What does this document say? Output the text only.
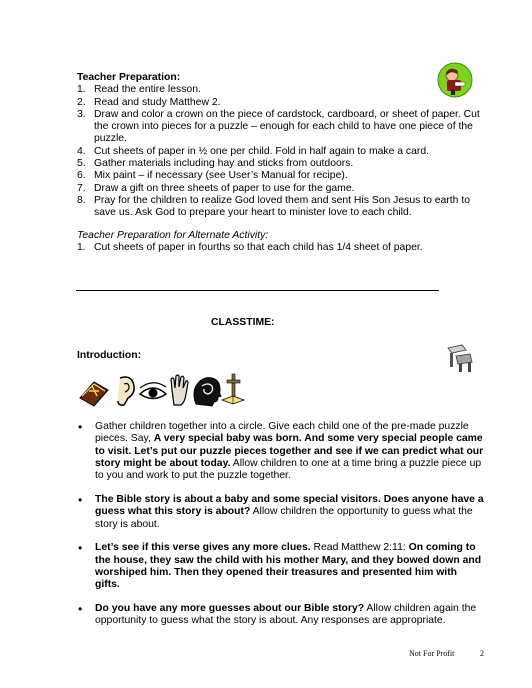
Teacher Preparation:
1. Read the entire lesson.
2. Read and study Matthew 2.
3. Draw and color a crown on the piece of cardstock, cardboard, or sheet of paper. Cut the crown into pieces for a puzzle – enough for each child to have one piece of the puzzle.
4. Cut sheets of paper in ½ one per child. Fold in half again to make a card.
5. Gather materials including hay and sticks from outdoors.
6. Mix paint – if necessary (see User’s Manual for recipe).
7. Draw a gift on three sheets of paper to use for the game.
8. Pray for the children to realize God loved them and sent His Son Jesus to earth to save us. Ask God to prepare your heart to minister love to each child.
Teacher Preparation for Alternate Activity:
1. Cut sheets of paper in fourths so that each child has 1/4 sheet of paper.
CLASSTIME:
Introduction:
• Gather children together into a circle. Give each child one of the pre-made puzzle pieces. Say, A very special baby was born. And some very special people came to visit. Let’s put our puzzle pieces together and see if we can predict what our story might be about today. Allow children to one at a time bring a puzzle piece up to you and work to put the puzzle together.
• The Bible story is about a baby and some special visitors. Does anyone have a guess what this story is about? Allow children the opportunity to guess what the story is about.
• Let’s see if this verse gives any more clues. Read Matthew 2:11: On coming to the house, they saw the child with his mother Mary, and they bowed down and worshiped him. Then they opened their treasures and presented him with gifts.
• Do you have any more guesses about our Bible story? Allow children again the opportunity to guess what the story is about. Any responses are appropriate.
Not For Profit	2
